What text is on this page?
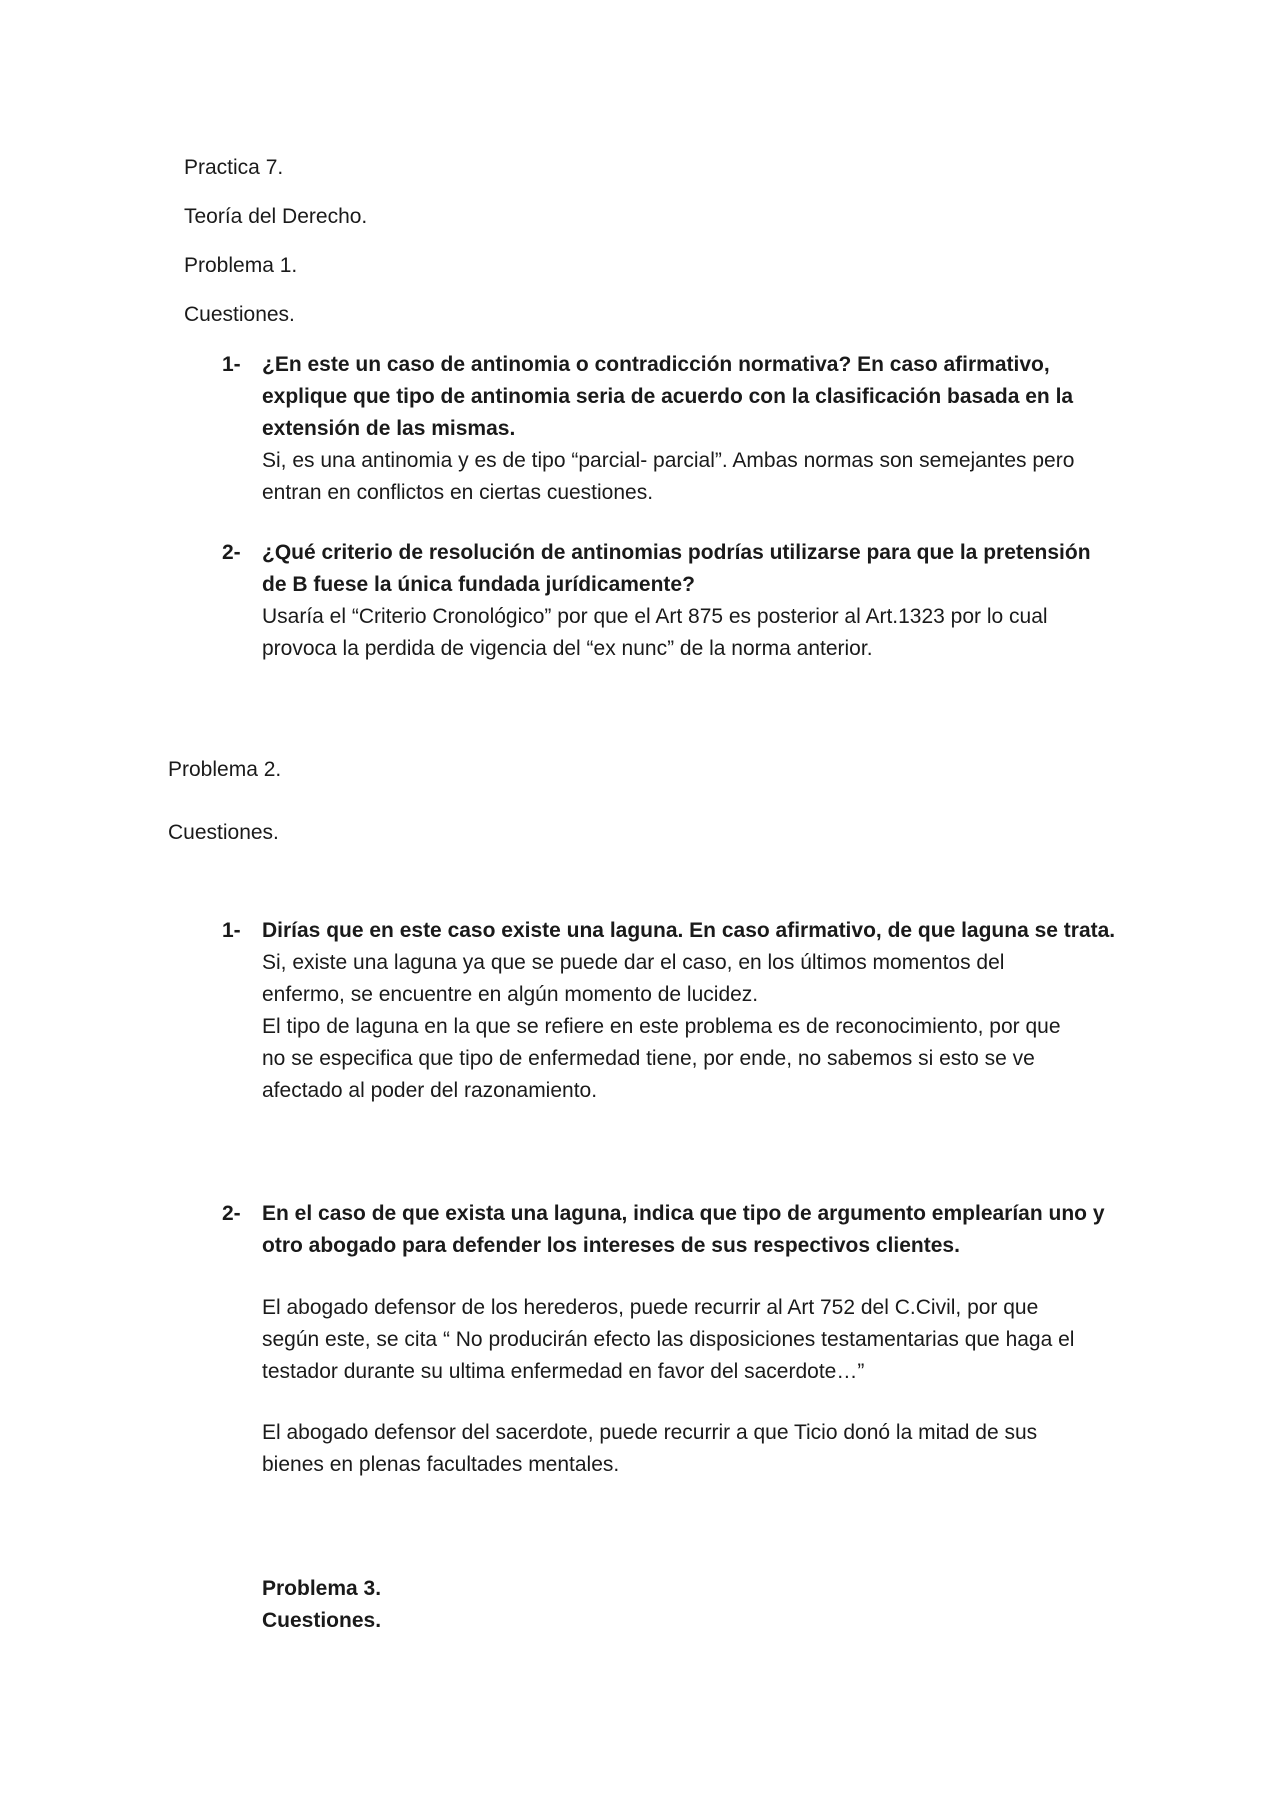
Practica 7.
Teoría del Derecho.
Problema 1.
Cuestiones.
1- ¿En este un caso de antinomia o contradicción normativa? En caso afirmativo,
explique que tipo de antinomia seria de acuerdo con la clasificación basada en la
extensión de las mismas.
Si, es una antinomia y es de tipo “parcial- parcial”. Ambas normas son semejantes pero
entran en conflictos en ciertas cuestiones.
2- ¿Qué criterio de resolución de antinomias podrías utilizarse para que la pretensión
de B fuese la única fundada jurídicamente?
Usaría el “Criterio Cronológico” por que el Art 875 es posterior al Art.1323 por lo cual
provoca la perdida de vigencia del “ex nunc” de la norma anterior.
Problema 2.
Cuestiones.
1- Dirías que en este caso existe una laguna. En caso afirmativo, de que laguna se trata.
Si, existe una laguna ya que se puede dar el caso, en los últimos momentos del
enfermo, se encuentre en algún momento de lucidez.
El tipo de laguna en la que se refiere en este problema es de reconocimiento, por que
no se especifica que tipo de enfermedad tiene, por ende, no sabemos si esto se ve
afectado al poder del razonamiento.
2- En el caso de que exista una laguna, indica que tipo de argumento emplearían uno y
otro abogado para defender los intereses de sus respectivos clientes.
El abogado defensor de los herederos, puede recurrir al Art 752 del C.Civil, por que
según este, se cita “ No producirán efecto las disposiciones testamentarias que haga el
testador durante su ultima enfermedad en favor del sacerdote…”
El abogado defensor del sacerdote, puede recurrir a que Ticio donó la mitad de sus
bienes en plenas facultades mentales.
Problema 3.
Cuestiones.
